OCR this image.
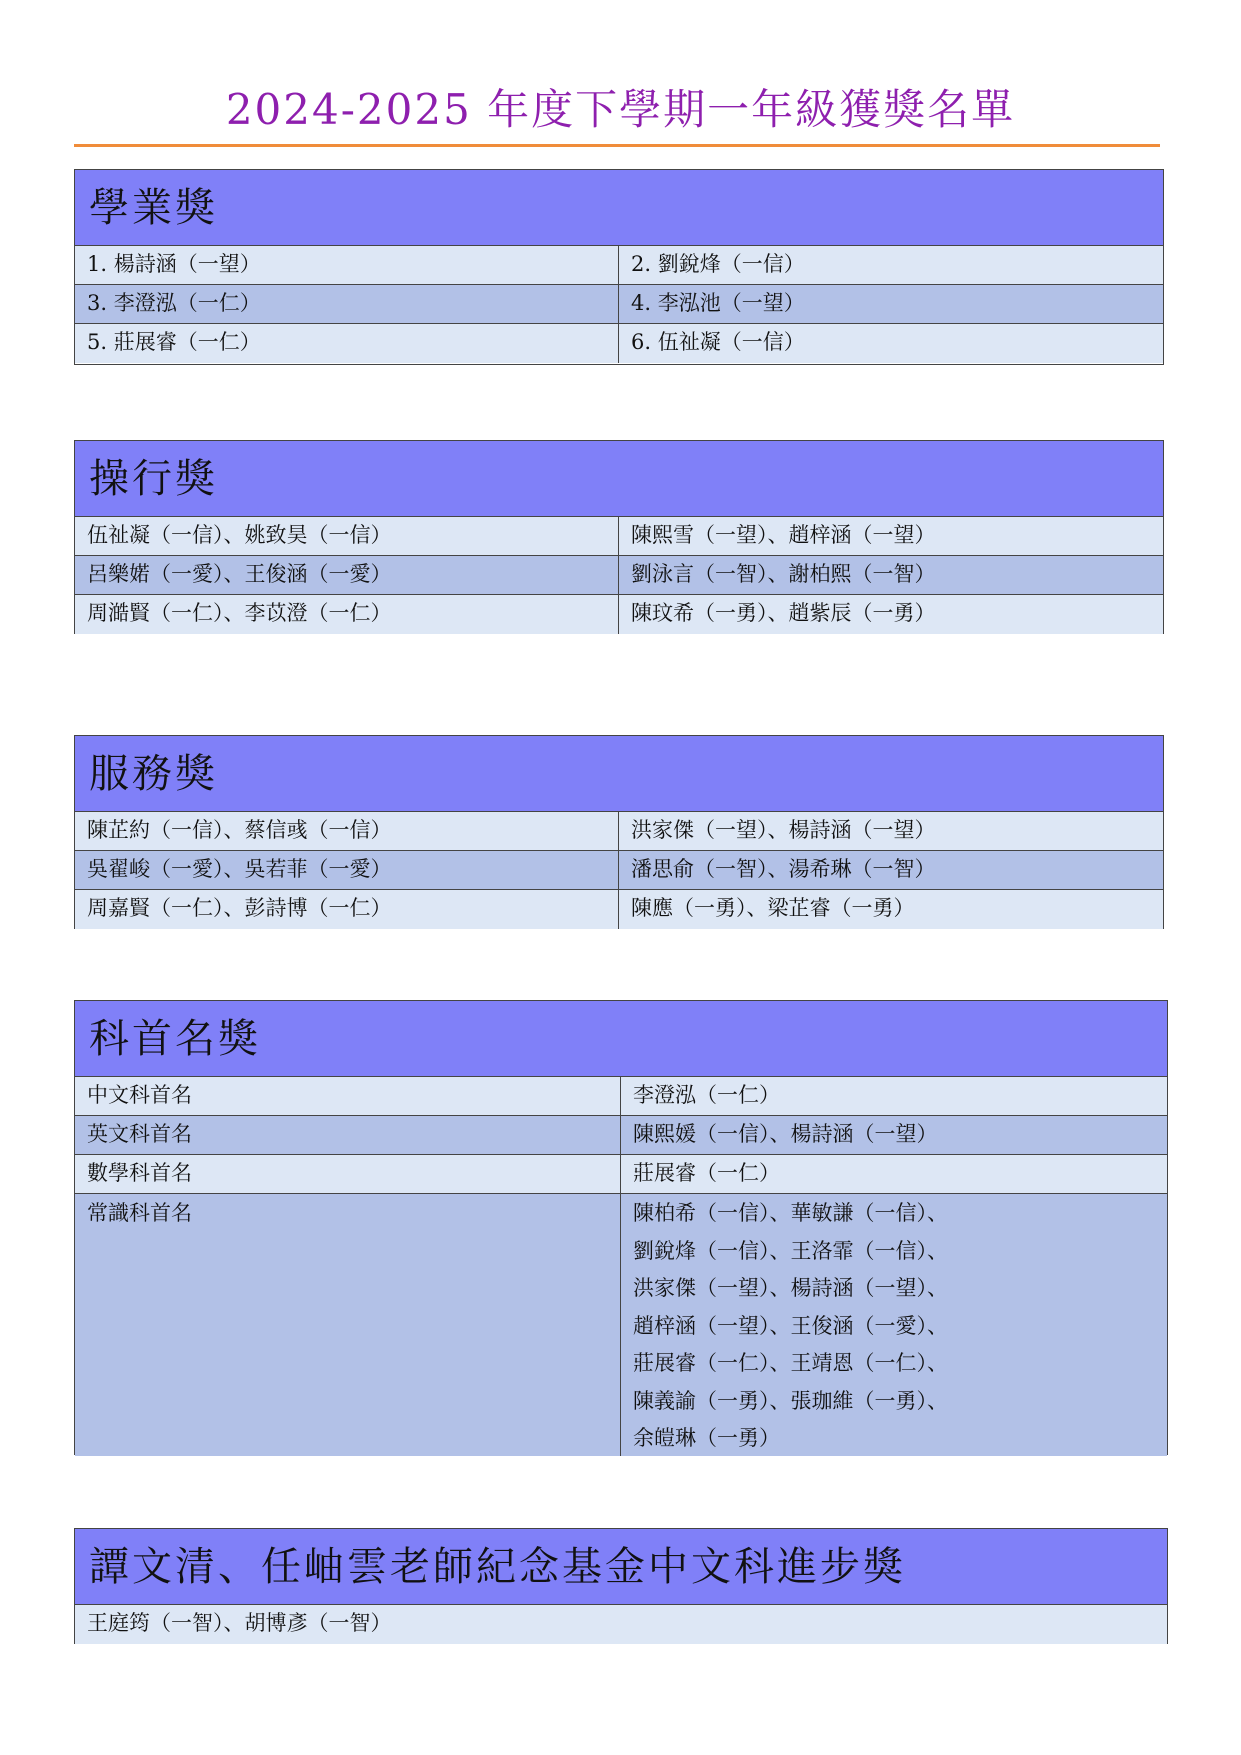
2024-2025 年度下學期一年級獲獎名單
學業獎
1. 楊詩涵（一望）	2. 劉銳烽（一信）
3. 李澄泓（一仁）	4. 李泓池（一望）
5. 莊展睿（一仁）	6. 伍祉凝（一信）
操行獎
伍祉凝（一信）、姚致昊（一信）	陳熙雪（一望）、趙梓涵（一望）
呂樂婼（一愛）、王俊涵（一愛）	劉泳言（一智）、謝柏熙（一智）
周澔賢（一仁）、李苡澄（一仁）	陳玟希（一勇）、趙紫辰（一勇）
服務獎
陳芷約（一信）、蔡信彧（一信）	洪家傑（一望）、楊詩涵（一望）
吳翟峻（一愛）、吳若菲（一愛）	潘思俞（一智）、湯希琳（一智）
周嘉賢（一仁）、彭詩博（一仁）	陳應（一勇）、梁芷睿（一勇）
科首名獎
中文科首名	李澄泓（一仁）
英文科首名	陳熙媛（一信）、楊詩涵（一望）
數學科首名	莊展睿（一仁）
常識科首名	陳柏希（一信）、華敏謙（一信）、
劉銳烽（一信）、王洛霏（一信）、
洪家傑（一望）、楊詩涵（一望）、
趙梓涵（一望）、王俊涵（一愛）、
莊展睿（一仁）、王靖恩（一仁）、
陳義諭（一勇）、張珈維（一勇）、
余皚琳（一勇）
譚文清、任岫雲老師紀念基金中文科進步獎
王庭筠（一智）、胡博彥（一智）
